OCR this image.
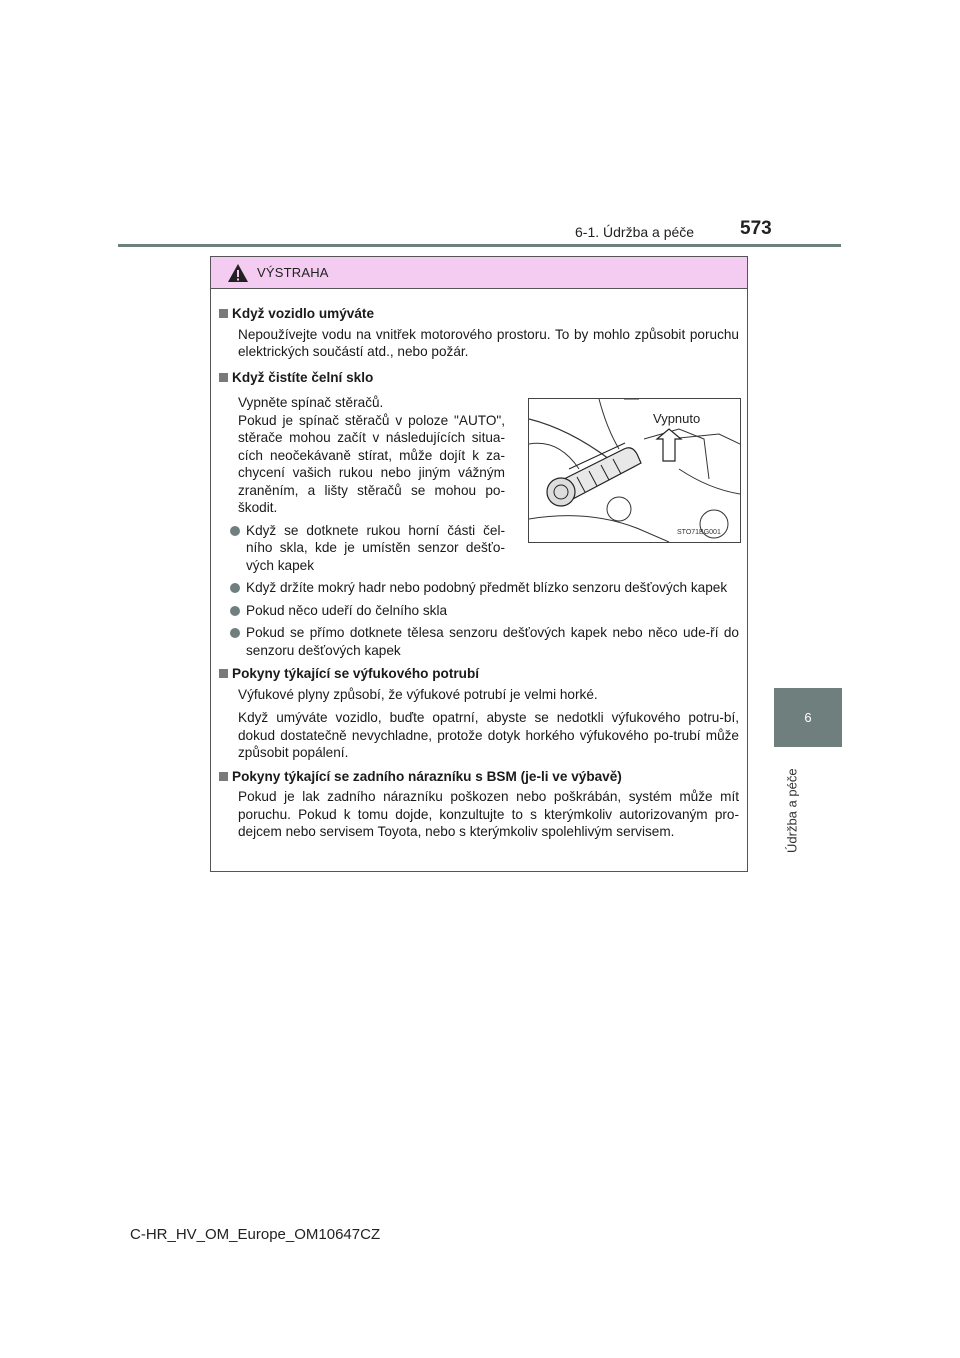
6-1. Údržba a péče 573
6
Údržba a péče
VÝSTRAHA
Když vozidlo umýváte
Nepoužívejte vodu na vnitřek motorového prostoru. To by mohlo způsobit poruchu elektrických součástí atd., nebo požár.
Když čistíte čelní sklo
Vypněte spínač stěračů.
Pokud je spínač stěračů v poloze "AUTO", stěrače mohou začít v následujících situa-cích neočekávaně stírat, může dojít k za-chycení vašich rukou nebo jiným vážným zraněním, a lišty stěračů se mohou po-škodit.
Když se dotknete rukou horní části čel-ního skla, kde je umístěn senzor dešťo-vých kapek
Vypnuto
STO71BG001
Když držíte mokrý hadr nebo podobný předmět blízko senzoru dešťových kapek
Pokud něco udeří do čelního skla
Pokud se přímo dotknete tělesa senzoru dešťových kapek nebo něco ude-ří do senzoru dešťových kapek
Pokyny týkající se výfukového potrubí
Výfukové plyny způsobí, že výfukové potrubí je velmi horké.
Když umýváte vozidlo, buďte opatrní, abyste se nedotkli výfukového potru-bí, dokud dostatečně nevychladne, protože dotyk horkého výfukového po-trubí může způsobit popálení.
Pokyny týkající se zadního nárazníku s BSM (je-li ve výbavě)
Pokud je lak zadního nárazníku poškozen nebo poškrábán, systém může mít poruchu. Pokud k tomu dojde, konzultujte to s kterýmkoliv autorizovaným pro-dejcem nebo servisem Toyota, nebo s kterýmkoliv spolehlivým servisem.
C-HR_HV_OM_Europe_OM10647CZ
